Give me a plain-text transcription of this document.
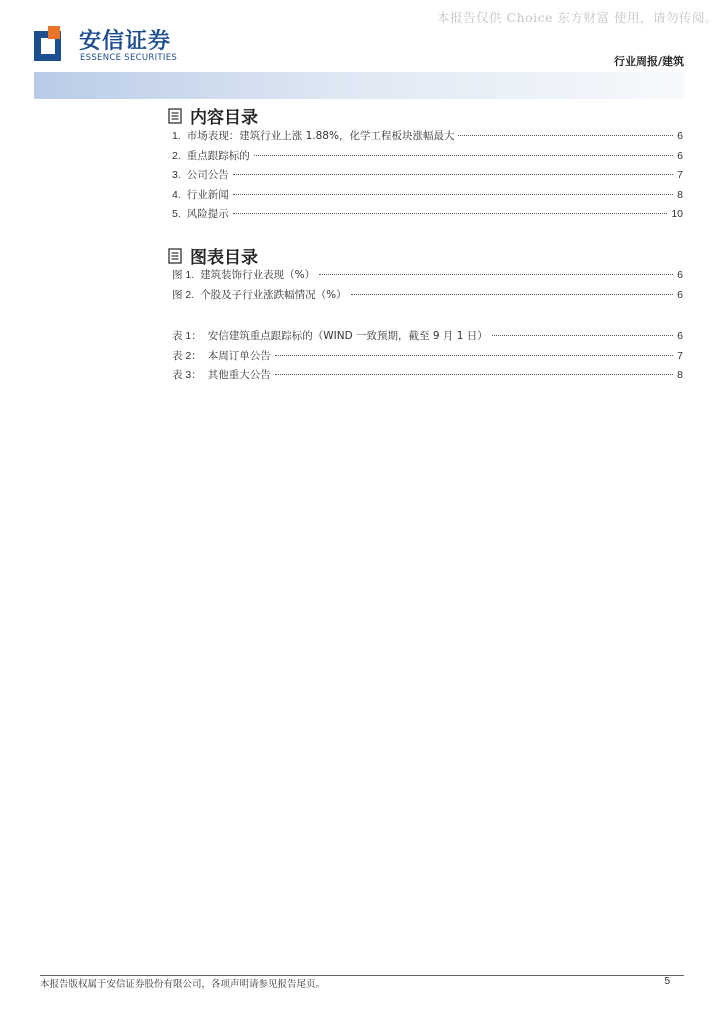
本报告仅供 Choice 东方财富 使用，请勿传阅。
安信证券
ESSENCE SECURITIES	行业周报/建筑
内容目录
1. 市场表现：建筑行业上涨 1.88%，化学工程板块涨幅最大	6
2. 重点跟踪标的	6
3. 公司公告	7
4. 行业新闻	8
5. 风险提示	10
图表目录
图 1. 建筑装饰行业表现（%）	6
图 2. 个股及子行业涨跌幅情况（%）	6
表 1： 安信建筑重点跟踪标的（WIND 一致预期，截至 9 月 1 日）	6
表 2： 本周订单公告	7
表 3： 其他重大公告	8
本报告版权属于安信证券股份有限公司，各项声明请参见报告尾页。	5
